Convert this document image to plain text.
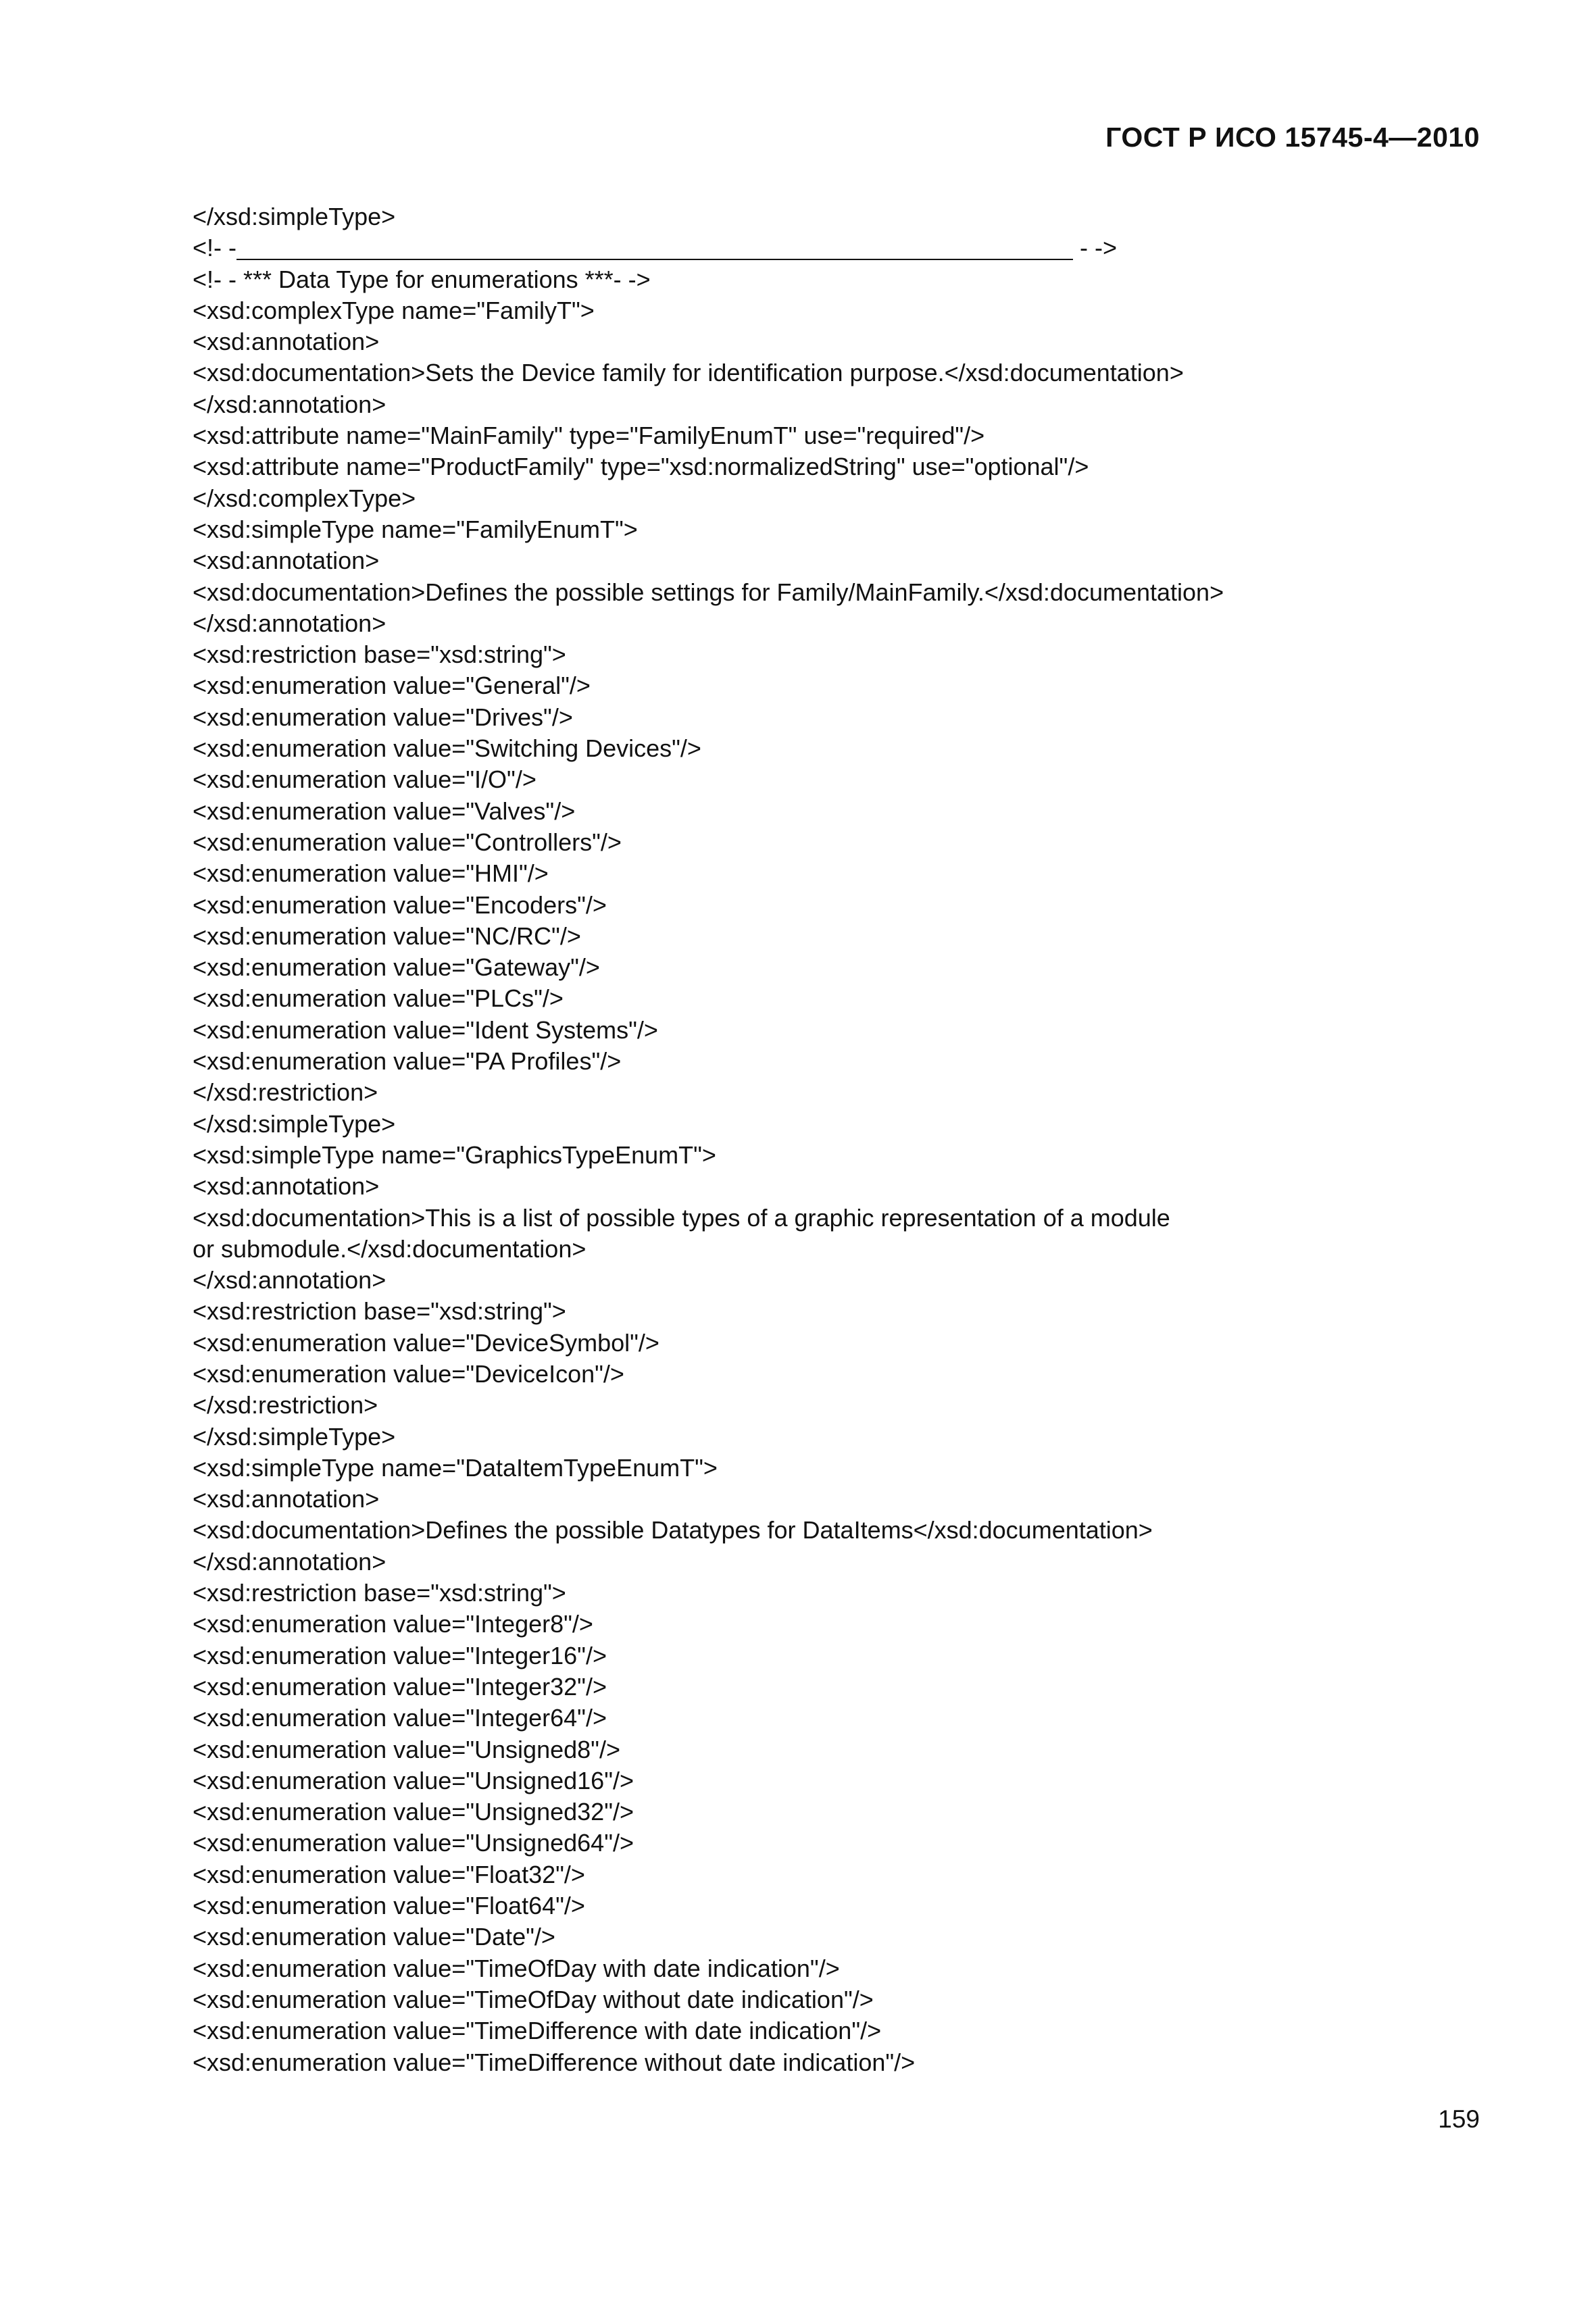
ГОСТ Р ИСО 15745-4—2010
</xsd:simpleType>
<!- -	- ->
<!- - *** Data Type for enumerations ***- ->
<xsd:complexType name="FamilyT">
<xsd:annotation>
<xsd:documentation>Sets the Device family for identification purpose.</xsd:documentation>
</xsd:annotation>
<xsd:attribute name="MainFamily" type="FamilyEnumT" use="required"/>
<xsd:attribute name="ProductFamily" type="xsd:normalizedString" use="optional"/>
</xsd:complexType>
<xsd:simpleType name="FamilyEnumT">
<xsd:annotation>
<xsd:documentation>Defines the possible settings for Family/MainFamily.</xsd:documentation>
</xsd:annotation>
<xsd:restriction base="xsd:string">
<xsd:enumeration value="General"/>
<xsd:enumeration value="Drives"/>
<xsd:enumeration value="Switching Devices"/>
<xsd:enumeration value="I/O"/>
<xsd:enumeration value="Valves"/>
<xsd:enumeration value="Controllers"/>
<xsd:enumeration value="HMI"/>
<xsd:enumeration value="Encoders"/>
<xsd:enumeration value="NC/RC"/>
<xsd:enumeration value="Gateway"/>
<xsd:enumeration value="PLCs"/>
<xsd:enumeration value="Ident Systems"/>
<xsd:enumeration value="PA Profiles"/>
</xsd:restriction>
</xsd:simpleType>
<xsd:simpleType name="GraphicsTypeEnumT">
<xsd:annotation>
<xsd:documentation>This is a list of possible types of a graphic representation of a module
or submodule.</xsd:documentation>
</xsd:annotation>
<xsd:restriction base="xsd:string">
<xsd:enumeration value="DeviceSymbol"/>
<xsd:enumeration value="DeviceIcon"/>
</xsd:restriction>
</xsd:simpleType>
<xsd:simpleType name="DataItemTypeEnumT">
<xsd:annotation>
<xsd:documentation>Defines the possible Datatypes for DataItems</xsd:documentation>
</xsd:annotation>
<xsd:restriction base="xsd:string">
<xsd:enumeration value="Integer8"/>
<xsd:enumeration value="Integer16"/>
<xsd:enumeration value="Integer32"/>
<xsd:enumeration value="Integer64"/>
<xsd:enumeration value="Unsigned8"/>
<xsd:enumeration value="Unsigned16"/>
<xsd:enumeration value="Unsigned32"/>
<xsd:enumeration value="Unsigned64"/>
<xsd:enumeration value="Float32"/>
<xsd:enumeration value="Float64"/>
<xsd:enumeration value="Date"/>
<xsd:enumeration value="TimeOfDay with date indication"/>
<xsd:enumeration value="TimeOfDay without date indication"/>
<xsd:enumeration value="TimeDifference with date indication"/>
<xsd:enumeration value="TimeDifference without date indication"/>
159
